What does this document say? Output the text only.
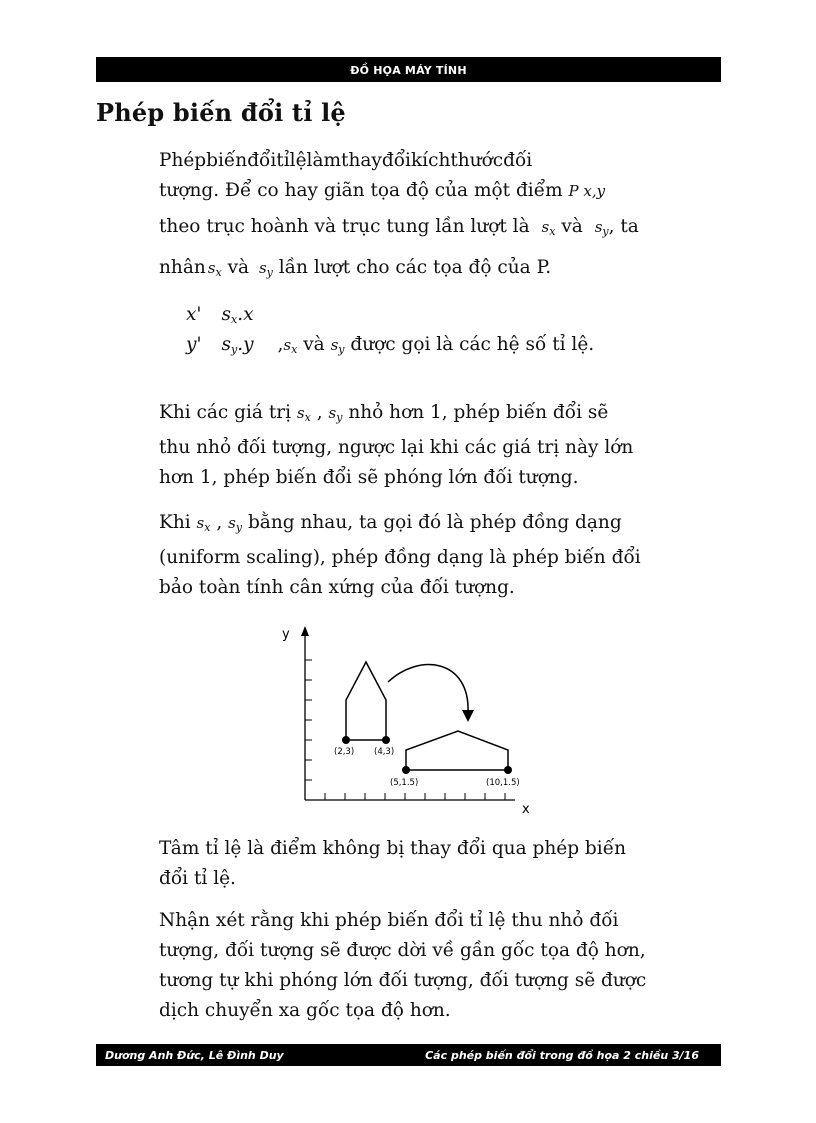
ĐỒ HỌA MÁY TÍNH
Phép biến đổi tỉ lệ
Phépbiếnđổitỉlệlàmthayđổikíchthướcđối
tượng. Để co hay giãn tọa độ của một điểm P x,y
theo trục hoành và trục tung lần lượt là $s_x$ và $s_y$, ta
nhân $s_x$ và $s_y$ lần lượt cho các tọa độ của P.
x' $s_x.x$
y' $s_y.y$ $,s_x$ và $s_y$ được gọi là các hệ số tỉ lệ.
Khi các giá trị $s_x$ , $s_y$ nhỏ hơn 1, phép biến đổi sẽ
thu nhỏ đối tượng, ngược lại khi các giá trị này lớn
hơn 1, phép biến đổi sẽ phóng lớn đối tượng.
Khi $s_x$ , $s_y$ bằng nhau, ta gọi đó là phép đồng dạng
(uniform scaling), phép đồng dạng là phép biến đổi
bảo toàn tính cân xứng của đối tượng.
y
x
(2,3) (4,3)
(5,1.5)	(10,1.5)
Tâm tỉ lệ là điểm không bị thay đổi qua phép biến
đổi tỉ lệ.
Nhận xét rằng khi phép biến đổi tỉ lệ thu nhỏ đối
tượng, đối tượng sẽ được dời về gần gốc tọa độ hơn,
tương tự khi phóng lớn đối tượng, đối tượng sẽ được
dịch chuyển xa gốc tọa độ hơn.
Dương Anh Đức, Lê Đình Duy	Các phép biến đổi trong đồ họa 2 chiều 3/16
